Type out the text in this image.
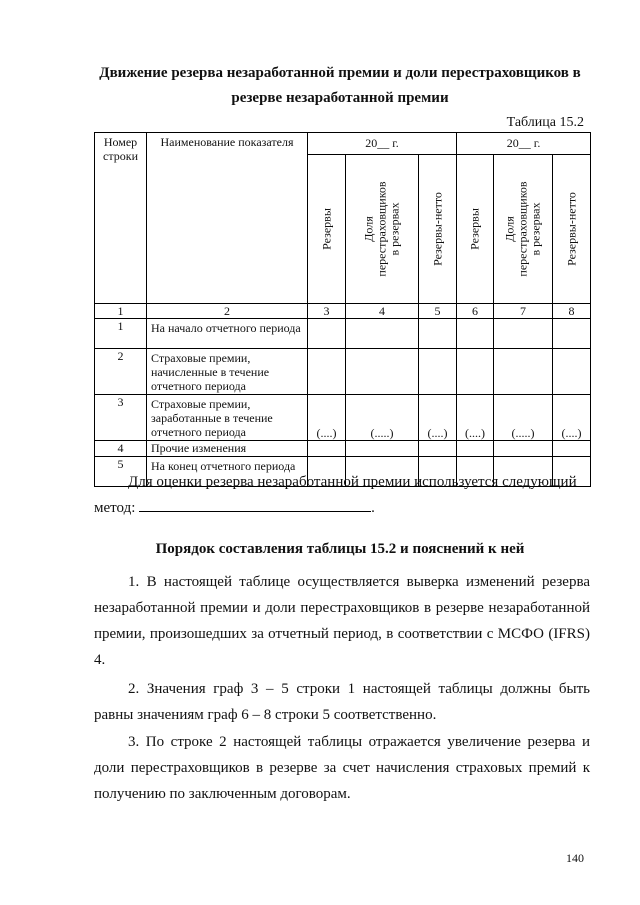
Движение резерва незаработанной премии и доли перестраховщиков в
резерве незаработанной премии
Таблица 15.2
Номер строки	Наименование показателя	20__ г.			20__ г.		

		Резервы	Доля
перестраховщиков
в резервах	Резервы-нетто	Резервы	Доля
перестраховщиков
в резервах	Резервы-нетто

1	2	3	4	5	6	7	8
1	На начало отчетного периода						
2	Страховые премии, начисленные в течение отчетного периода						
3	Страховые премии, заработанные в течение отчетного периода	(....)	(.....)	(....)	(....)	(.....)	(....)
4	Прочие изменения						
5	На конец отчетного периода						
Для оценки резерва незаработанной премии используется следующий
метод:	.
Порядок составления таблицы 15.2 и пояснений к ней
1. В настоящей таблице осуществляется выверка изменений резерва незаработанной премии и доли перестраховщиков в резерве незаработанной премии, произошедших за отчетный период, в соответствии с МСФО (IFRS) 4.
2. Значения граф 3 – 5 строки 1 настоящей таблицы должны быть равны значениям граф 6 – 8 строки 5 соответственно.
3. По строке 2 настоящей таблицы отражается увеличение резерва и доли перестраховщиков в резерве за счет начисления страховых премий к получению по заключенным договорам.
140
